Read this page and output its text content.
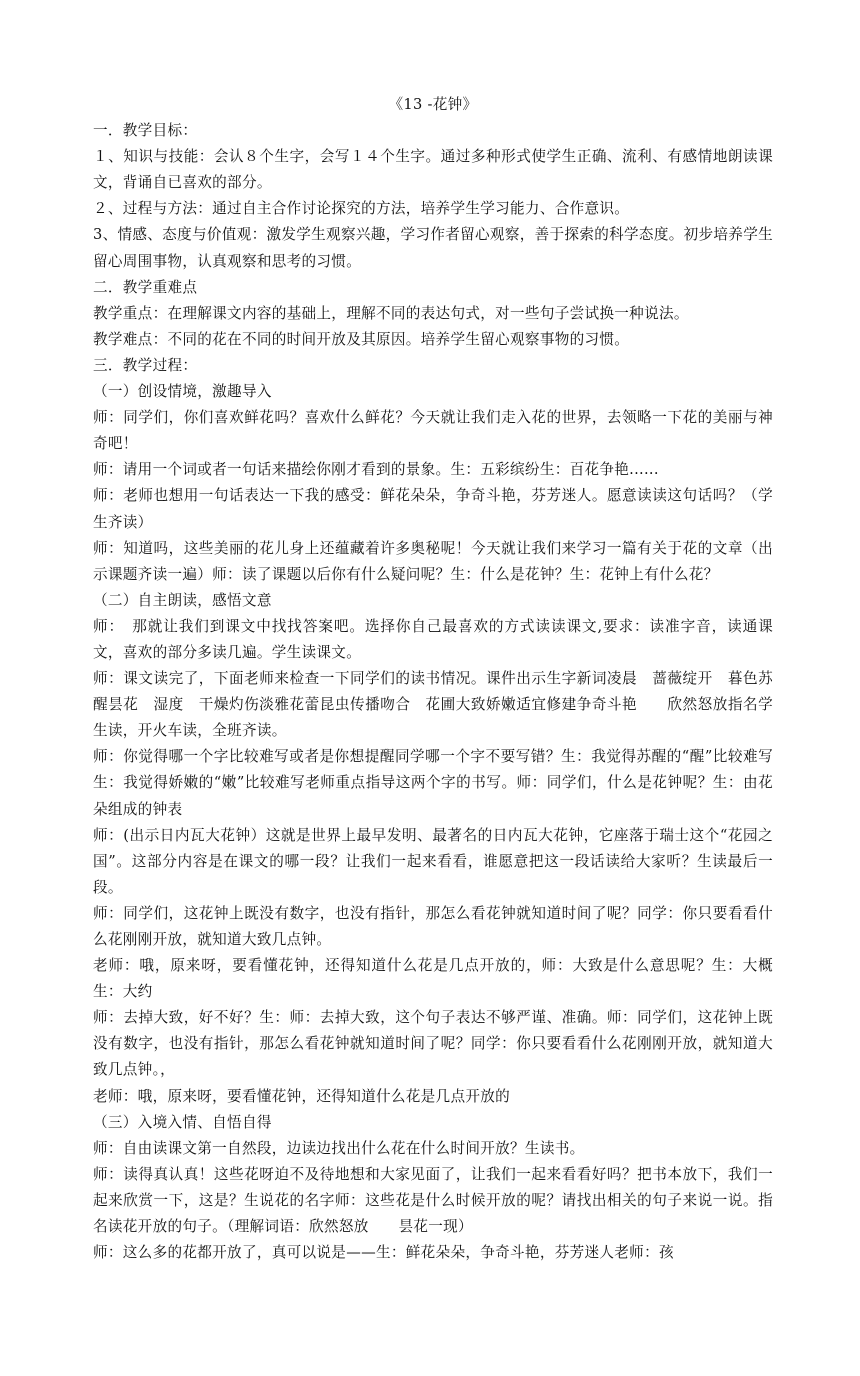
《13 -花钟》

一．教学目标：

１、知识与技能：会认８个生字，会写１４个生字。通过多种形式使学生正确、流利、有感情地朗读课文，背诵自已喜欢的部分。

２、过程与方法：通过自主合作讨论探究的方法，培养学生学习能力、合作意识。

3、情感、态度与价值观：激发学生观察兴趣，学习作者留心观察，善于探索的科学态度。初步培养学生留心周围事物，认真观察和思考的习惯。

二．教学重难点

教学重点：在理解课文内容的基础上，理解不同的表达句式，对一些句子尝试换一种说法。

教学难点：不同的花在不同的时间开放及其原因。培养学生留心观察事物的习惯。

三．教学过程：

（一）创设情境，激趣导入

师：同学们，你们喜欢鲜花吗？喜欢什么鲜花？今天就让我们走入花的世界，去领略一下花的美丽与神奇吧！

师：请用一个词或者一句话来描绘你刚才看到的景象。生：五彩缤纷生：百花争艳......

师：老师也想用一句话表达一下我的感受：鲜花朵朵，争奇斗艳，芬芳迷人。愿意读读这句话吗？（学生齐读）

师：知道吗，这些美丽的花儿身上还蕴藏着许多奥秘呢！今天就让我们来学习一篇有关于花的文章（出示课题齐读一遍）师：读了课题以后你有什么疑问呢？生：什么是花钟？生：花钟上有什么花？

（二）自主朗读，感悟文意

师：　那就让我们到课文中找找答案吧。选择你自己最喜欢的方式读读课文,要求：读准字音，读通课文，喜欢的部分多读几遍。学生读课文。

师：课文读完了，下面老师来检查一下同学们的读书情况。课件出示生字新词凌晨　蔷薇绽开　暮色苏醒昙花　湿度　干燥灼伤淡雅花蕾昆虫传播吻合　花圃大致娇嫩适宜修建争奇斗艳　　欣然怒放指名学生读，开火车读，全班齐读。

师：你觉得哪一个字比较难写或者是你想提醒同学哪一个字不要写错？生：我觉得苏醒的“醒”比较难写生：我觉得娇嫩的“嫩”比较难写老师重点指导这两个字的书写。师：同学们，什么是花钟呢？生：由花朵组成的钟表

师：(出示日内瓦大花钟）这就是世界上最早发明、最著名的日内瓦大花钟，它座落于瑞士这个“花园之国”。这部分内容是在课文的哪一段？让我们一起来看看，谁愿意把这一段话读给大家听？生读最后一段。

师：同学们，这花钟上既没有数字，也没有指针，那怎么看花钟就知道时间了呢？同学：你只要看看什么花刚刚开放，就知道大致几点钟。

老师：哦，原来呀，要看懂花钟，还得知道什么花是几点开放的，师：大致是什么意思呢？生：大概生：大约

师：去掉大致，好不好？生：师：去掉大致，这个句子表达不够严谨、准确。师：同学们，这花钟上既没有数字，也没有指针，那怎么看花钟就知道时间了呢？同学：你只要看看什么花刚刚开放，就知道大致几点钟。，

老师：哦，原来呀，要看懂花钟，还得知道什么花是几点开放的

（三）入境入情、自悟自得

师：自由读课文第一自然段，边读边找出什么花在什么时间开放？生读书。

师：读得真认真！这些花呀迫不及待地想和大家见面了，让我们一起来看看好吗？把书本放下，我们一起来欣赏一下，这是？生说花的名字师：这些花是什么时候开放的呢？请找出相关的句子来说一说。指名读花开放的句子。（理解词语：欣然怒放　　昙花一现）

师：这么多的花都开放了，真可以说是——生：鲜花朵朵，争奇斗艳，芬芳迷人老师：孩
